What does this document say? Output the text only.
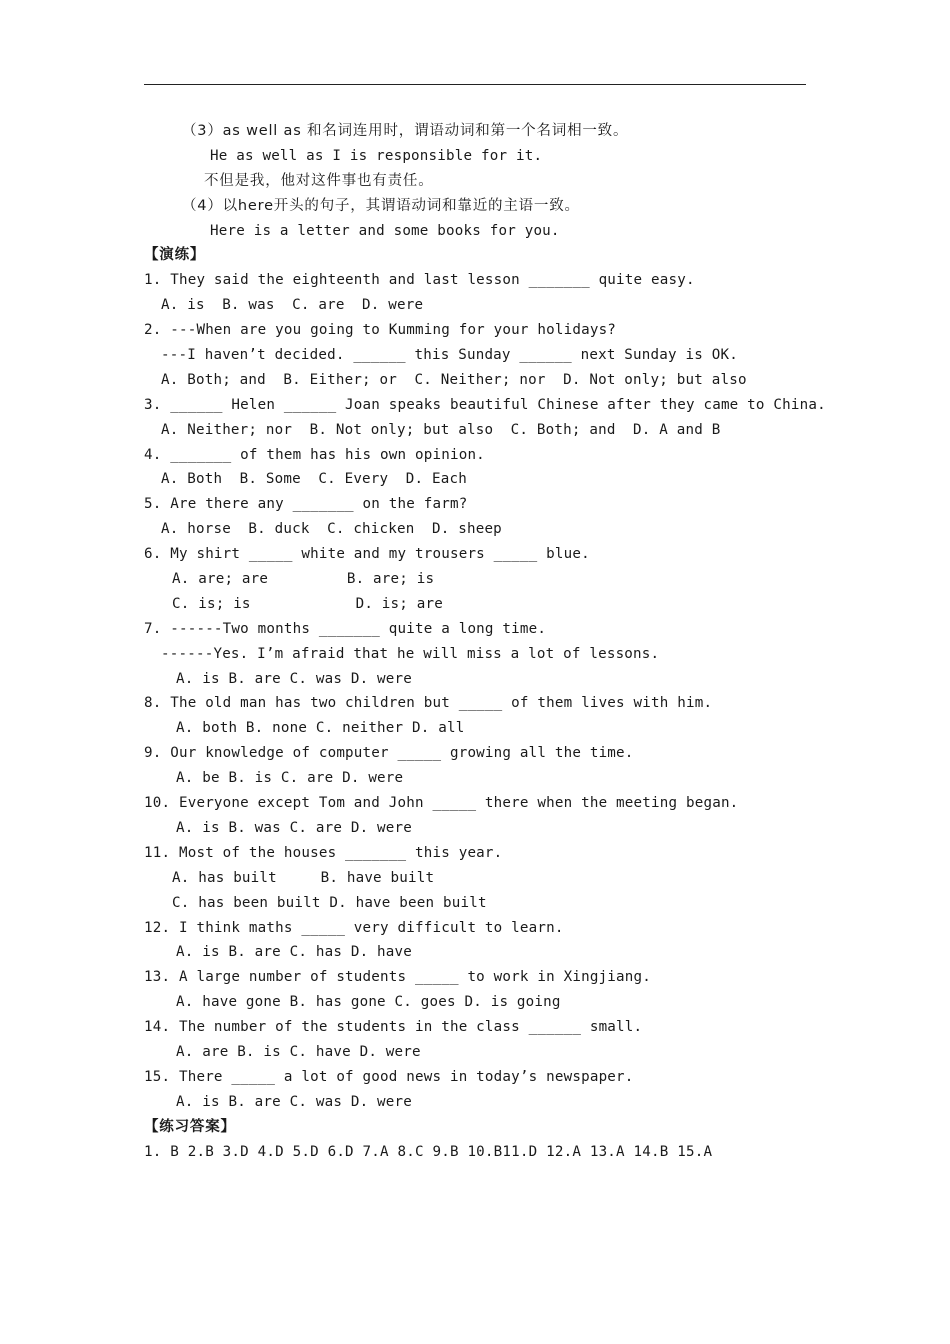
（3）as well as 和名词连用时，谓语动词和第一个名词相一致。
He as well as I is responsible for it.
不但是我，他对这件事也有责任。
（4）以here开头的句子，其谓语动词和靠近的主语一致。
Here is a letter and some books for you.
【演练】
1. They said the eighteenth and last lesson _______ quite easy.
A. is  B. was  C. are  D. were
2. ---When are you going to Kumming for your holidays?
---I haven’t decided. ______ this Sunday ______ next Sunday is OK.
A. Both; and  B. Either; or  C. Neither; nor  D. Not only; but also
3. ______ Helen ______ Joan speaks beautiful Chinese after they came to China.
A. Neither; nor  B. Not only; but also  C. Both; and  D. A and B
4. _______ of them has his own opinion.
A. Both  B. Some  C. Every  D. Each
5. Are there any _______ on the farm?
A. horse  B. duck  C. chicken  D. sheep
6. My shirt _____ white and my trousers _____ blue.
A. are; are         B. are; is
C. is; is            D. is; are
7. ------Two months _______ quite a long time.
------Yes. I’m afraid that he will miss a lot of lessons.
A. is B. are C. was D. were
8. The old man has two children but _____ of them lives with him.
A. both B. none C. neither D. all
9. Our knowledge of computer _____ growing all the time.
A. be B. is C. are D. were
10. Everyone except Tom and John _____ there when the meeting began.
A. is B. was C. are D. were
11. Most of the houses _______ this year.
A. has built     B. have built
C. has been built D. have been built
12. I think maths _____ very difficult to learn.
A. is B. are C. has D. have
13. A large number of students _____ to work in Xingjiang.
A. have gone B. has gone C. goes D. is going
14. The number of the students in the class ______ small.
A. are B. is C. have D. were
15. There _____ a lot of good news in today’s newspaper.
A. is B. are C. was D. were
【练习答案】
1. B 2.B 3.D 4.D 5.D 6.D 7.A 8.C 9.B 10.B11.D 12.A 13.A 14.B 15.A
